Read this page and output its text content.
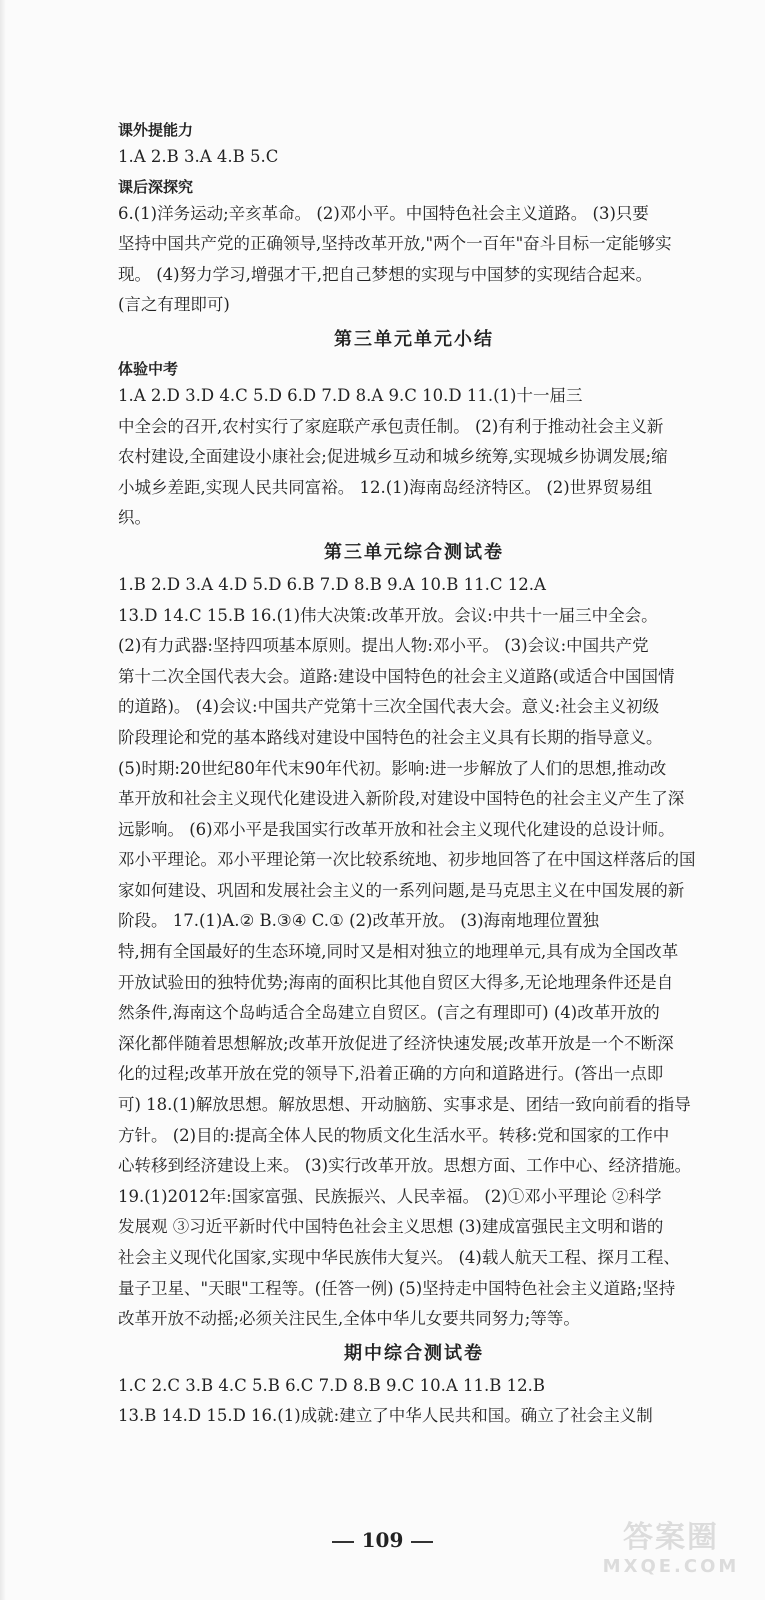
课外提能力

1.A 2.B 3.A 4.B 5.C

课后深探究

6.(1)洋务运动;辛亥革命。 (2)邓小平。中国特色社会主义道路。 (3)只要

坚持中国共产党的正确领导,坚持改革开放,"两个一百年"奋斗目标一定能够实

现。 (4)努力学习,增强才干,把自己梦想的实现与中国梦的实现结合起来。

(言之有理即可)

第三单元单元小结

体验中考

1.A 2.D 3.D 4.C 5.D 6.D 7.D 8.A 9.C 10.D 11.(1)十一届三

中全会的召开,农村实行了家庭联产承包责任制。 (2)有利于推动社会主义新

农村建设,全面建设小康社会;促进城乡互动和城乡统筹,实现城乡协调发展;缩

小城乡差距,实现人民共同富裕。 12.(1)海南岛经济特区。 (2)世界贸易组

织。

第三单元综合测试卷

1.B 2.D 3.A 4.D 5.D 6.B 7.D 8.B 9.A 10.B 11.C 12.A

13.D 14.C 15.B 16.(1)伟大决策:改革开放。会议:中共十一届三中全会。

(2)有力武器:坚持四项基本原则。提出人物:邓小平。 (3)会议:中国共产党

第十二次全国代表大会。道路:建设中国特色的社会主义道路(或适合中国国情

的道路)。 (4)会议:中国共产党第十三次全国代表大会。意义:社会主义初级

阶段理论和党的基本路线对建设中国特色的社会主义具有长期的指导意义。

(5)时期:20世纪80年代末90年代初。影响:进一步解放了人们的思想,推动改

革开放和社会主义现代化建设进入新阶段,对建设中国特色的社会主义产生了深

远影响。 (6)邓小平是我国实行改革开放和社会主义现代化建设的总设计师。

邓小平理论。邓小平理论第一次比较系统地、初步地回答了在中国这样落后的国

家如何建设、巩固和发展社会主义的一系列问题,是马克思主义在中国发展的新

阶段。 17.(1)A.② B.③④ C.① (2)改革开放。 (3)海南地理位置独

特,拥有全国最好的生态环境,同时又是相对独立的地理单元,具有成为全国改革

开放试验田的独特优势;海南的面积比其他自贸区大得多,无论地理条件还是自

然条件,海南这个岛屿适合全岛建立自贸区。(言之有理即可) (4)改革开放的

深化都伴随着思想解放;改革开放促进了经济快速发展;改革开放是一个不断深

化的过程;改革开放在党的领导下,沿着正确的方向和道路进行。(答出一点即

可) 18.(1)解放思想。解放思想、开动脑筋、实事求是、团结一致向前看的指导

方针。 (2)目的:提高全体人民的物质文化生活水平。转移:党和国家的工作中

心转移到经济建设上来。 (3)实行改革开放。思想方面、工作中心、经济措施。

19.(1)2012年:国家富强、民族振兴、人民幸福。 (2)①邓小平理论 ②科学

发展观 ③习近平新时代中国特色社会主义思想 (3)建成富强民主文明和谐的

社会主义现代化国家,实现中华民族伟大复兴。 (4)载人航天工程、探月工程、

量子卫星、"天眼"工程等。(任答一例) (5)坚持走中国特色社会主义道路;坚持

改革开放不动摇;必须关注民生,全体中华儿女要共同努力;等等。

期中综合测试卷

1.C 2.C 3.B 4.C 5.B 6.C 7.D 8.B 9.C 10.A 11.B 12.B

13.B 14.D 15.D 16.(1)成就:建立了中华人民共和国。确立了社会主义制

109	答案圈
MXQE.COM
